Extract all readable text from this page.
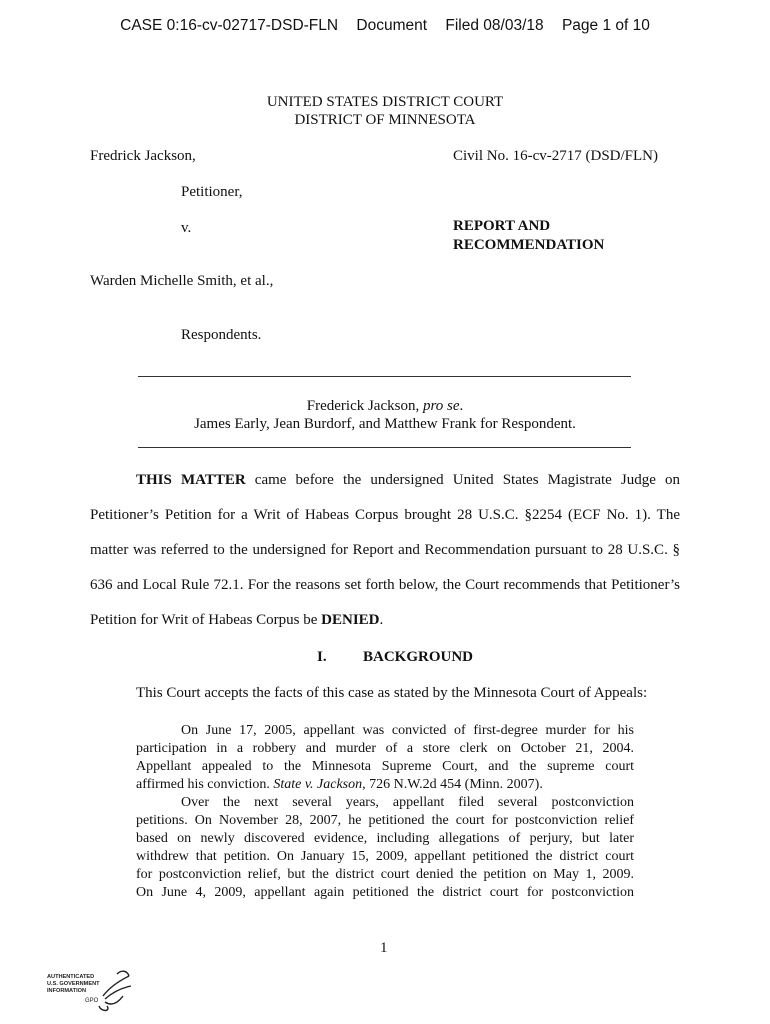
CASE 0:16-cv-02717-DSD-FLN Document Filed 08/03/18 Page 1 of 10
UNITED STATES DISTRICT COURT
DISTRICT OF MINNESOTA
Fredrick Jackson,	Civil No. 16-cv-2717 (DSD/FLN)
Petitioner,
v.	REPORT AND
RECOMMENDATION
Warden Michelle Smith, et al.,
Respondents.
Frederick Jackson, pro se.
James Early, Jean Burdorf, and Matthew Frank for Respondent.
THIS MATTER came before the undersigned United States Magistrate Judge on
Petitioner’s Petition for a Writ of Habeas Corpus brought 28 U.S.C. §2254 (ECF No. 1). The
matter was referred to the undersigned for Report and Recommendation pursuant to 28 U.S.C. §
636 and Local Rule 72.1. For the reasons set forth below, the Court recommends that Petitioner’s
Petition for Writ of Habeas Corpus be DENIED.
I. BACKGROUND
This Court accepts the facts of this case as stated by the Minnesota Court of Appeals:
On June 17, 2005, appellant was convicted of first-degree murder for his
participation in a robbery and murder of a store clerk on October 21, 2004.
Appellant appealed to the Minnesota Supreme Court, and the supreme court
affirmed his conviction. State v. Jackson, 726 N.W.2d 454 (Minn. 2007).
Over the next several years, appellant filed several postconviction
petitions. On November 28, 2007, he petitioned the court for postconviction relief
based on newly discovered evidence, including allegations of perjury, but later
withdrew that petition. On January 15, 2009, appellant petitioned the district court
for postconviction relief, but the district court denied the petition on May 1, 2009.
On June 4, 2009, appellant again petitioned the district court for postconviction
1
AUTHENTICATED
U.S. GOVERNMENT
INFORMATION
GPO
